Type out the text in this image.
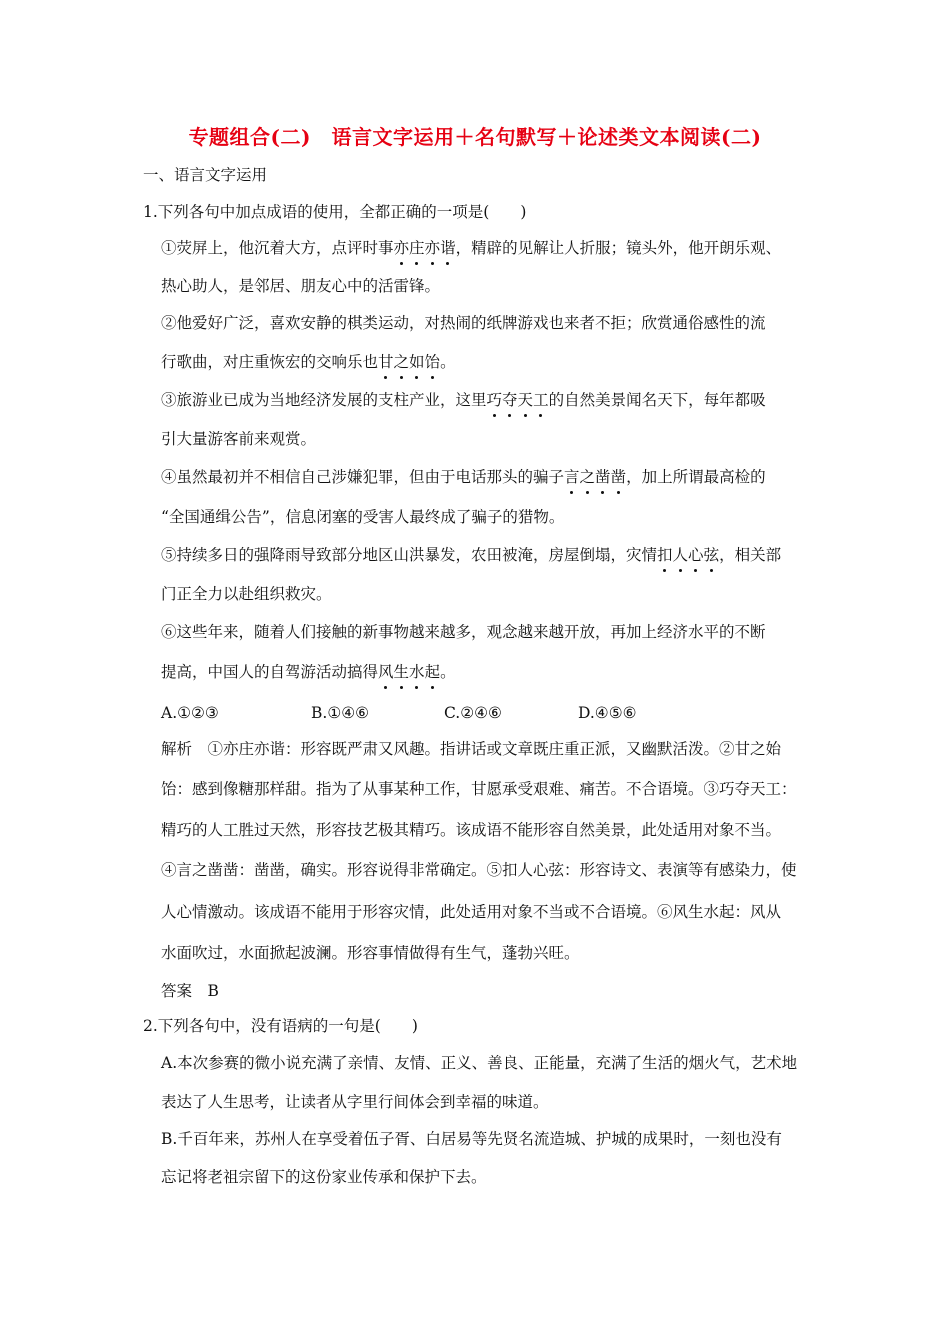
专题组合(二)　语言文字运用＋名句默写＋论述类文本阅读(二)
一、语言文字运用
1.下列各句中加点成语的使用，全都正确的一项是(　　)
①荧屏上，他沉着大方，点评时事亦庄亦谐，精辟的见解让人折服；镜头外，他开朗乐观、
热心助人，是邻居、朋友心中的活雷锋。
②他爱好广泛，喜欢安静的棋类运动，对热闹的纸牌游戏也来者不拒；欣赏通俗感性的流
行歌曲，对庄重恢宏的交响乐也甘之如饴。
③旅游业已成为当地经济发展的支柱产业，这里巧夺天工的自然美景闻名天下，每年都吸
引大量游客前来观赏。
④虽然最初并不相信自己涉嫌犯罪，但由于电话那头的骗子言之凿凿，加上所谓最高检的
“全国通缉公告”，信息闭塞的受害人最终成了骗子的猎物。
⑤持续多日的强降雨导致部分地区山洪暴发，农田被淹，房屋倒塌，灾情扣人心弦，相关部
门正全力以赴组织救灾。
⑥这些年来，随着人们接触的新事物越来越多，观念越来越开放，再加上经济水平的不断
提高，中国人的自驾游活动搞得风生水起。
A.①②③	B.①④⑥	C.②④⑥	D.④⑤⑥
解析　①亦庄亦谐：形容既严肃又风趣。指讲话或文章既庄重正派，又幽默活泼。②甘之始
饴：感到像糖那样甜。指为了从事某种工作，甘愿承受艰难、痛苦。不合语境。③巧夺天工：
精巧的人工胜过天然，形容技艺极其精巧。该成语不能形容自然美景，此处适用对象不当。
④言之凿凿：凿凿，确实。形容说得非常确定。⑤扣人心弦：形容诗文、表演等有感染力，使
人心情激动。该成语不能用于形容灾情，此处适用对象不当或不合语境。⑥风生水起：风从
水面吹过，水面掀起波澜。形容事情做得有生气，蓬勃兴旺。
答案　B
2.下列各句中，没有语病的一句是(　　)
A.本次参赛的微小说充满了亲情、友情、正义、善良、正能量，充满了生活的烟火气，艺术地
表达了人生思考，让读者从字里行间体会到幸福的味道。
B.千百年来，苏州人在享受着伍子胥、白居易等先贤名流造城、护城的成果时，一刻也没有
忘记将老祖宗留下的这份家业传承和保护下去。
